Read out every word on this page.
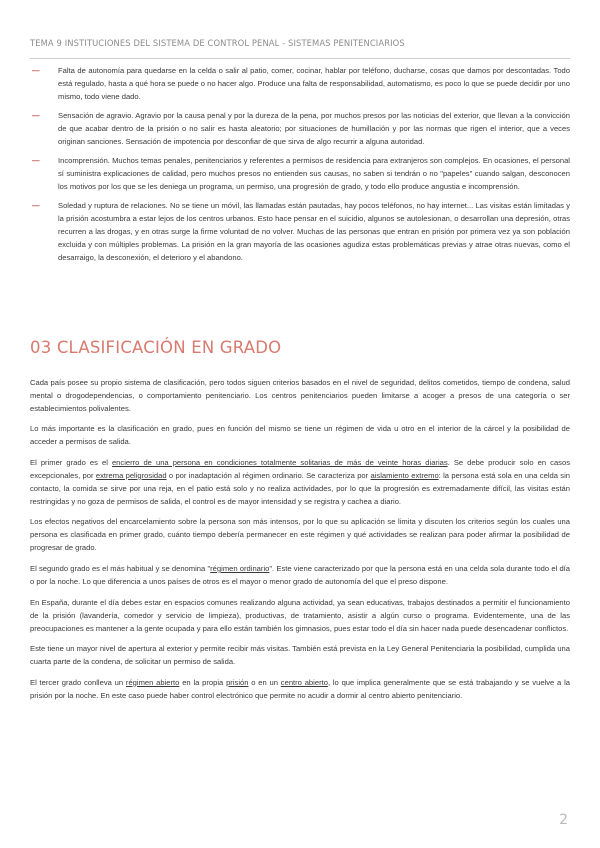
TEMA 9 INSTITUCIONES DEL SISTEMA DE CONTROL PENAL - SISTEMAS PENITENCIARIOS
— Falta de autonomía para quedarse en la celda o salir al patio, comer, cocinar, hablar por teléfono, ducharse, cosas que damos por descontadas. Todo está regulado, hasta a qué hora se puede o no hacer algo. Produce una falta de responsabilidad, automatismo, es poco lo que se puede decidir por uno mismo, todo viene dado.
— Sensación de agravio. Agravio por la causa penal y por la dureza de la pena, por muchos presos por las noticias del exterior, que llevan a la convicción de que acabar dentro de la prisión o no salir es hasta aleatorio; por situaciones de humillación y por las normas que rigen el interior, que a veces originan sanciones. Sensación de impotencia por desconfiar de que sirva de algo recurrir a alguna autoridad.
— Incomprensión. Muchos temas penales, penitenciarios y referentes a permisos de residencia para extranjeros son complejos. En ocasiones, el personal sí suministra explicaciones de calidad, pero muchos presos no entienden sus causas, no saben si tendrán o no "papeles" cuando salgan, desconocen los motivos por los que se les deniega un programa, un permiso, una progresión de grado, y todo ello produce angustia e incomprensión.
— Soledad y ruptura de relaciones. No se tiene un móvil, las llamadas están pautadas, hay pocos teléfonos, no hay internet... Las visitas están limitadas y la prisión acostumbra a estar lejos de los centros urbanos. Esto hace pensar en el suicidio, algunos se autolesionan, o desarrollan una depresión, otras recurren a las drogas, y en otras surge la firme voluntad de no volver. Muchas de las personas que entran en prisión por primera vez ya son población excluida y con múltiples problemas. La prisión en la gran mayoría de las ocasiones agudiza estas problemáticas previas y atrae otras nuevas, como el desarraigo, la desconexión, el deterioro y el abandono.
03 CLASIFICACIÓN EN GRADO

Cada país posee su propio sistema de clasificación, pero todos siguen criterios basados en el nivel de seguridad, delitos cometidos, tiempo de condena, salud mental o drogodependencias, o comportamiento penitenciario. Los centros penitenciarios pueden limitarse a acoger a presos de una categoría o ser establecimientos polivalentes.

Lo más importante es la clasificación en grado, pues en función del mismo se tiene un régimen de vida u otro en el interior de la cárcel y la posibilidad de acceder a permisos de salida.

El primer grado es el encierro de una persona en condiciones totalmente solitarias de más de veinte horas diarias. Se debe producir solo en casos excepcionales, por extrema peligrosidad o por inadaptación al régimen ordinario. Se caracteriza por aislamiento extremo: la persona está sola en una celda sin contacto, la comida se sirve por una reja, en el patio está solo y no realiza actividades, por lo que la progresión es extremadamente difícil, las visitas están restringidas y no goza de permisos de salida, el control es de mayor intensidad y se registra y cachea a diario.

Los efectos negativos del encarcelamiento sobre la persona son más intensos, por lo que su aplicación se limita y discuten los criterios según los cuales una persona es clasificada en primer grado, cuánto tiempo debería permanecer en este régimen y qué actividades se realizan para poder afirmar la posibilidad de progresar de grado.

El segundo grado es el más habitual y se denomina "régimen ordinario". Este viene caracterizado por que la persona está en una celda sola durante todo el día o por la noche. Lo que diferencia a unos países de otros es el mayor o menor grado de autonomía del que el preso dispone.

En España, durante el día debes estar en espacios comunes realizando alguna actividad, ya sean educativas, trabajos destinados a permitir el funcionamiento de la prisión (lavandería, comedor y servicio de limpieza), productivas, de tratamiento, asistir a algún curso o programa. Evidentemente, una de las preocupaciones es mantener a la gente ocupada y para ello están también los gimnasios, pues estar todo el día sin hacer nada puede desencadenar conflictos.

Este tiene un mayor nivel de apertura al exterior y permite recibir más visitas. También está prevista en la Ley General Penitenciaria la posibilidad, cumplida una cuarta parte de la condena, de solicitar un permiso de salida.

El tercer grado conlleva un régimen abierto en la propia prisión o en un centro abierto, lo que implica generalmente que se está trabajando y se vuelve a la prisión por la noche. En este caso puede haber control electrónico que permite no acudir a dormir al centro abierto penitenciario.

2
